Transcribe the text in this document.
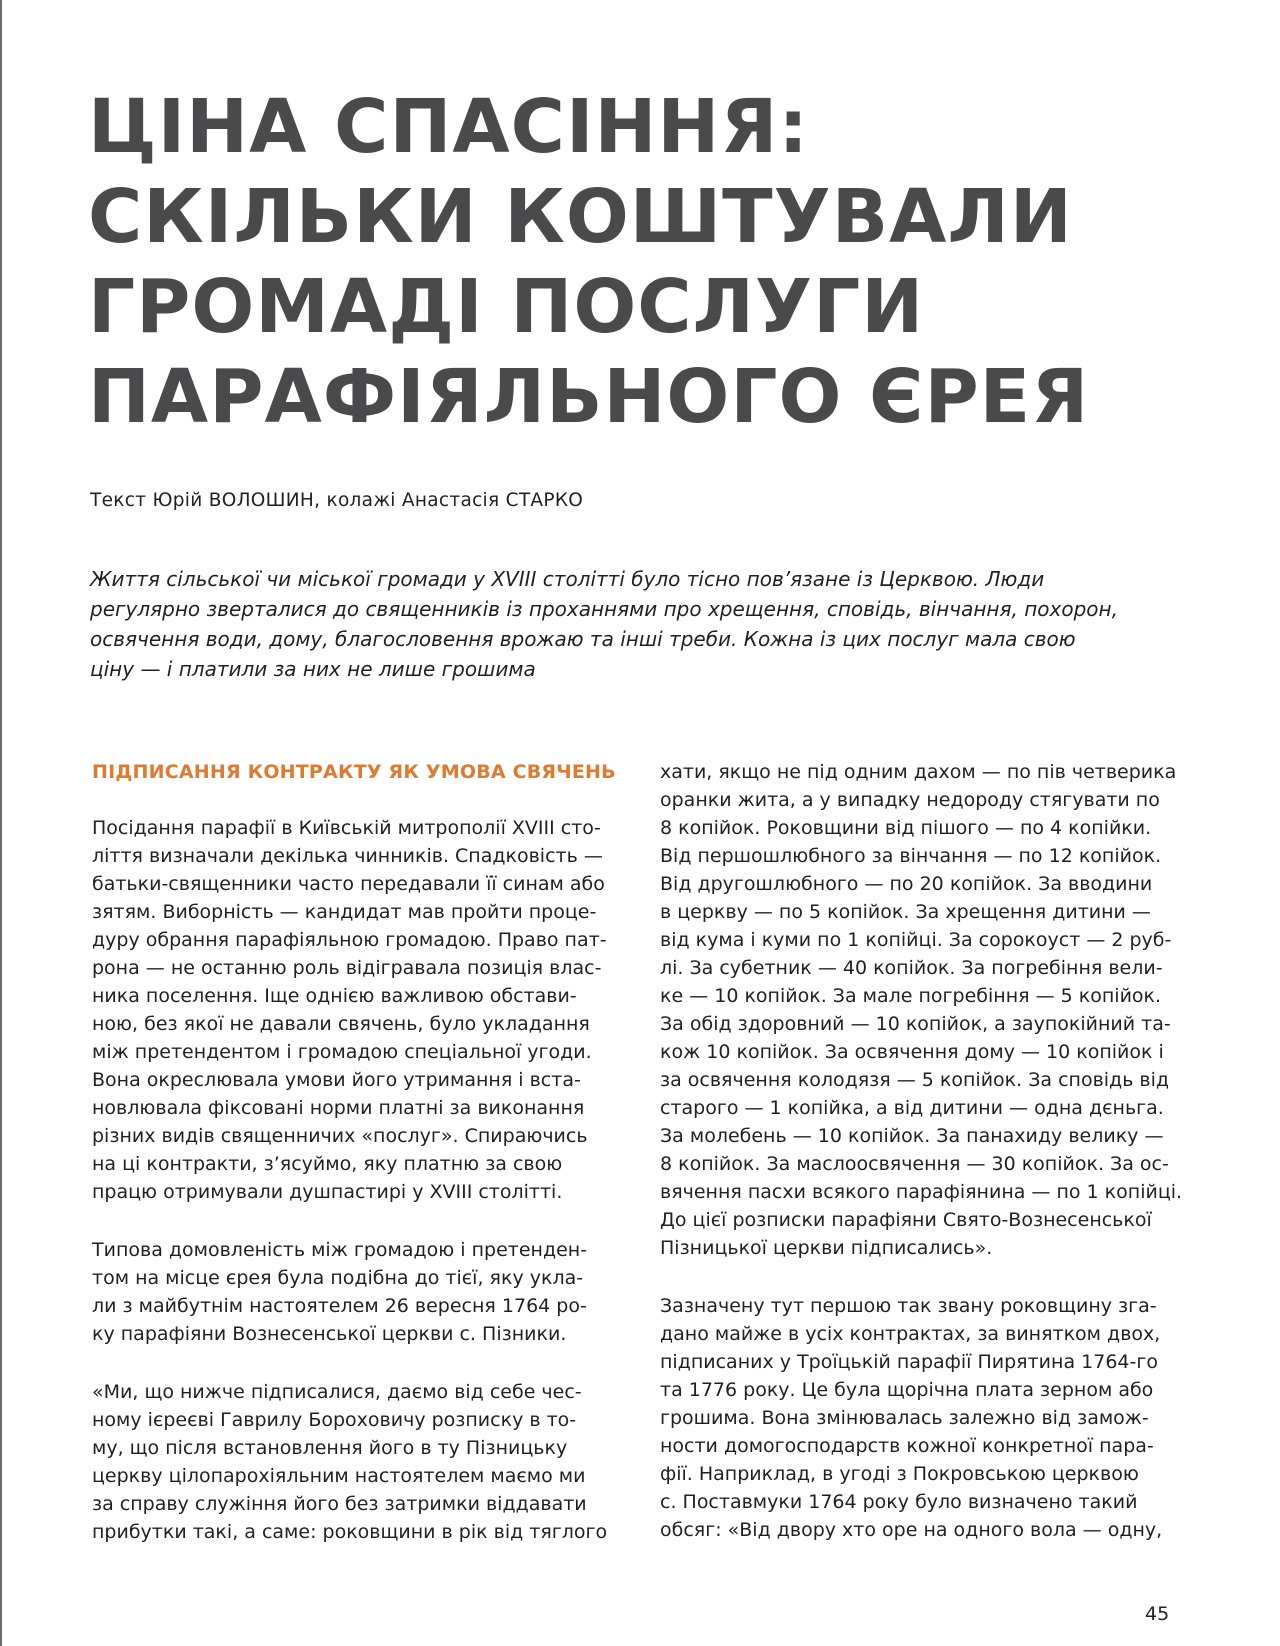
ЦІНА СПАСІННЯ:
СКІЛЬКИ КОШТУВАЛИ
ГРОМАДІ ПОСЛУГИ
ПАРАФІЯЛЬНОГО ЄРЕЯ

Текст Юрій ВОЛОШИН, колажі Анастасія СТАРКО

Життя сільської чи міської громади у XVIII столітті було тісно пов’язане із Церквою. Люди
регулярно зверталися до священників із проханнями про хрещення, сповідь, вінчання, похорон,
освячення води, дому, благословення врожаю та інші треби. Кожна із цих послуг мала свою
ціну — і платили за них не лише грошима

ПІДПИСАННЯ КОНТРАКТУ ЯК УМОВА СВЯЧЕНЬ

Посідання парафії в Київській митрополії XVIII сто-
ліття визначали декілька чинників. Спадковість —
батьки-священники часто передавали її синам або
зятям. Виборність — кандидат мав пройти проце-
дуру обрання парафіяльною громадою. Право пат-
рона — не останню роль відігравала позиція влас-
ника поселення. Іще однією важливою обстави-
ною, без якої не давали свячень, було укладання
між претендентом і громадою спеціальної угоди.
Вона окреслювала умови його утримання і вста-
новлювала фіксовані норми платні за виконання
різних видів священничих «послуг». Спираючись
на ці контракти, з’ясуймо, яку платню за свою
працю отримували душпастирі у XVIII столітті.

Типова домовленість між громадою і претенден-
том на місце єрея була подібна до тієї, яку укла-
ли з майбутнім настоятелем 26 вересня 1764 ро-
ку парафіяни Вознесенської церкви с. Пізники.

«Ми, що нижче підписалися, даємо від себе чес-
ному ієреєві Гаврилу Бороховичу розписку в то-
му, що після встановлення його в ту Пізницьку
церкву цілопарохіяльним настоятелем маємо ми
за справу служіння його без затримки віддавати
прибутки такі, а саме: роковщини в рік від тяглого

хати, якщо не під одним дахом — по пів четверика
оранки жита, а у випадку недороду стягувати по
8 копійок. Роковщини від пішого — по 4 копійки.
Від першошлюбного за вінчання — по 12 копійок.
Від другошлюбного — по 20 копійок. За вводини
в церкву — по 5 копійок. За хрещення дитини —
від кума і куми по 1 копійці. За сорокоуст — 2 руб-
лі. За субетник — 40 копійок. За погребіння вели-
ке — 10 копійок. За мале погребіння — 5 копійок.
За обід здоровний — 10 копійок, а заупокійний та-
кож 10 копійок. За освячення дому — 10 копійок і
за освячення колодязя — 5 копійок. За сповідь від
старого — 1 копійка, а від дитини — одна дєньга.
За молебень — 10 копійок. За панахиду велику —
8 копійок. За маслоосвячення — 30 копійок. За ос-
вячення пасхи всякого парафіянина — по 1 копійці.
До цієї розписки парафіяни Свято-Вознесенської
Пізницької церкви підписались».

Зазначену тут першою так звану роковщину зга-
дано майже в усіх контрактах, за винятком двох,
підписаних у Троїцькій парафії Пирятина 1764-го
та 1776 року. Це була щорічна плата зерном або
грошима. Вона змінювалась залежно від замож-
ности домогосподарств кожної конкретної пара-
фії. Наприклад, в угоді з Покровською церквою
с. Поставмуки 1764 року було визначено такий
обсяг: «Від двору хто оре на одного вола — одну,

45
